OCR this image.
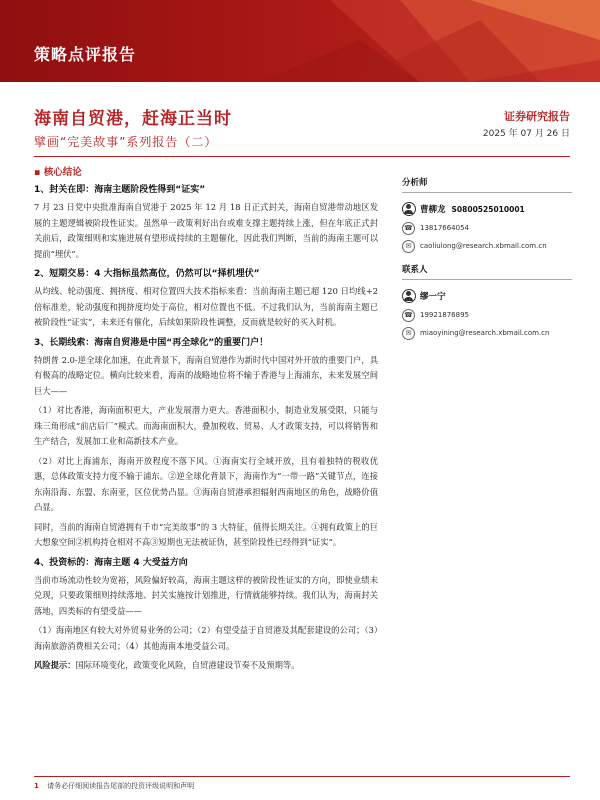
策略点评报告
海南自贸港，赶海正当时
擘画“完美故事”系列报告（二）
证券研究报告
2025 年 07 月 26 日
▪ 核心结论
1、封关在即：海南主题阶段性得到“证实”

7 月 23 日党中央批准海南自贸港于 2025 年 12 月 18 日正式封关，海南自贸港带动地区发展的主题逻辑被阶段性证实。虽然单一政策利好出台或难支撑主题持续上涨，但在年底正式封关前后，政策细则和实施进展有望形成持续的主题催化，因此我们判断，当前的海南主题可以提前“埋伏”。

2、短期交易：4 大指标虽然高位，仍然可以“择机埋伏”

从均线、轮动强度、拥挤度、相对位置四大技术指标来看：当前海南主题已超 120 日均线+2 倍标准差，轮动强度和拥挤度均处于高位，相对位置也不低。不过我们认为，当前海南主题已被阶段性“证实”，未来还有催化，后续如果阶段性调整，反而就是较好的买入时机。

3、长期线索：海南自贸港是中国“再全球化”的重要门户！

特朗普 2.0-逆全球化加速，在此背景下，海南自贸港作为新时代中国对外开放的重要门户，具有极高的战略定位。横向比较来看，海南的战略地位将不输于香港与上海浦东，未来发展空间巨大——

（1）对比香港，海南面积更大，产业发展潜力更大。香港面积小，制造业发展受限，只能与珠三角形成“前店后厂”模式。而海南面积大，叠加税收、贸易、人才政策支持，可以将销售和生产结合，发展加工业和高新技术产业。

（2）对比上海浦东，海南开放程度不落下风。①海南实行全域开放，且有着独特的税收优惠，总体政策支持力度不输于浦东。②逆全球化背景下，海南作为“一带一路”关键节点，连接东南沿海、东盟、东南亚，区位优势凸显。③海南自贸港承担辐射西南地区的角色，战略价值凸显。

同时，当前的海南自贸港拥有千市“完美故事”的 3 大特征，值得长期关注。①拥有政策上的巨大想象空间②机构持仓相对不高③短期也无法被证伪，甚至阶段性已经得到“证实”。

4、投资标的：海南主题 4 大受益方向

当前市场流动性较为宽裕，风险偏好较高，海南主题这样的被阶段性证实的方向，即使业绩未兑现，只要政策细则持续落地、封关实施按计划推进，行情就能够持续。我们认为，海南封关落地，四类标的有望受益——

（1）海南地区有较大对外贸易业务的公司；（2）有望受益于自贸港及其配套建设的公司；（3）海南旅游消费相关公司；（4）其他海南本地受益公司。

风险提示：国际环境变化，政策变化风险，自贸港建设节奏不及预期等。

分析师
曹柳龙 S0800525010001
☎	13817664054
✉	caoliulong@research.xbmail.com.cn
联系人
缪一宁
☎	19921876895
✉	miaoyining@research.xbmail.com.cn
1 请务必仔细阅读报告尾部的投资评级说明和声明
